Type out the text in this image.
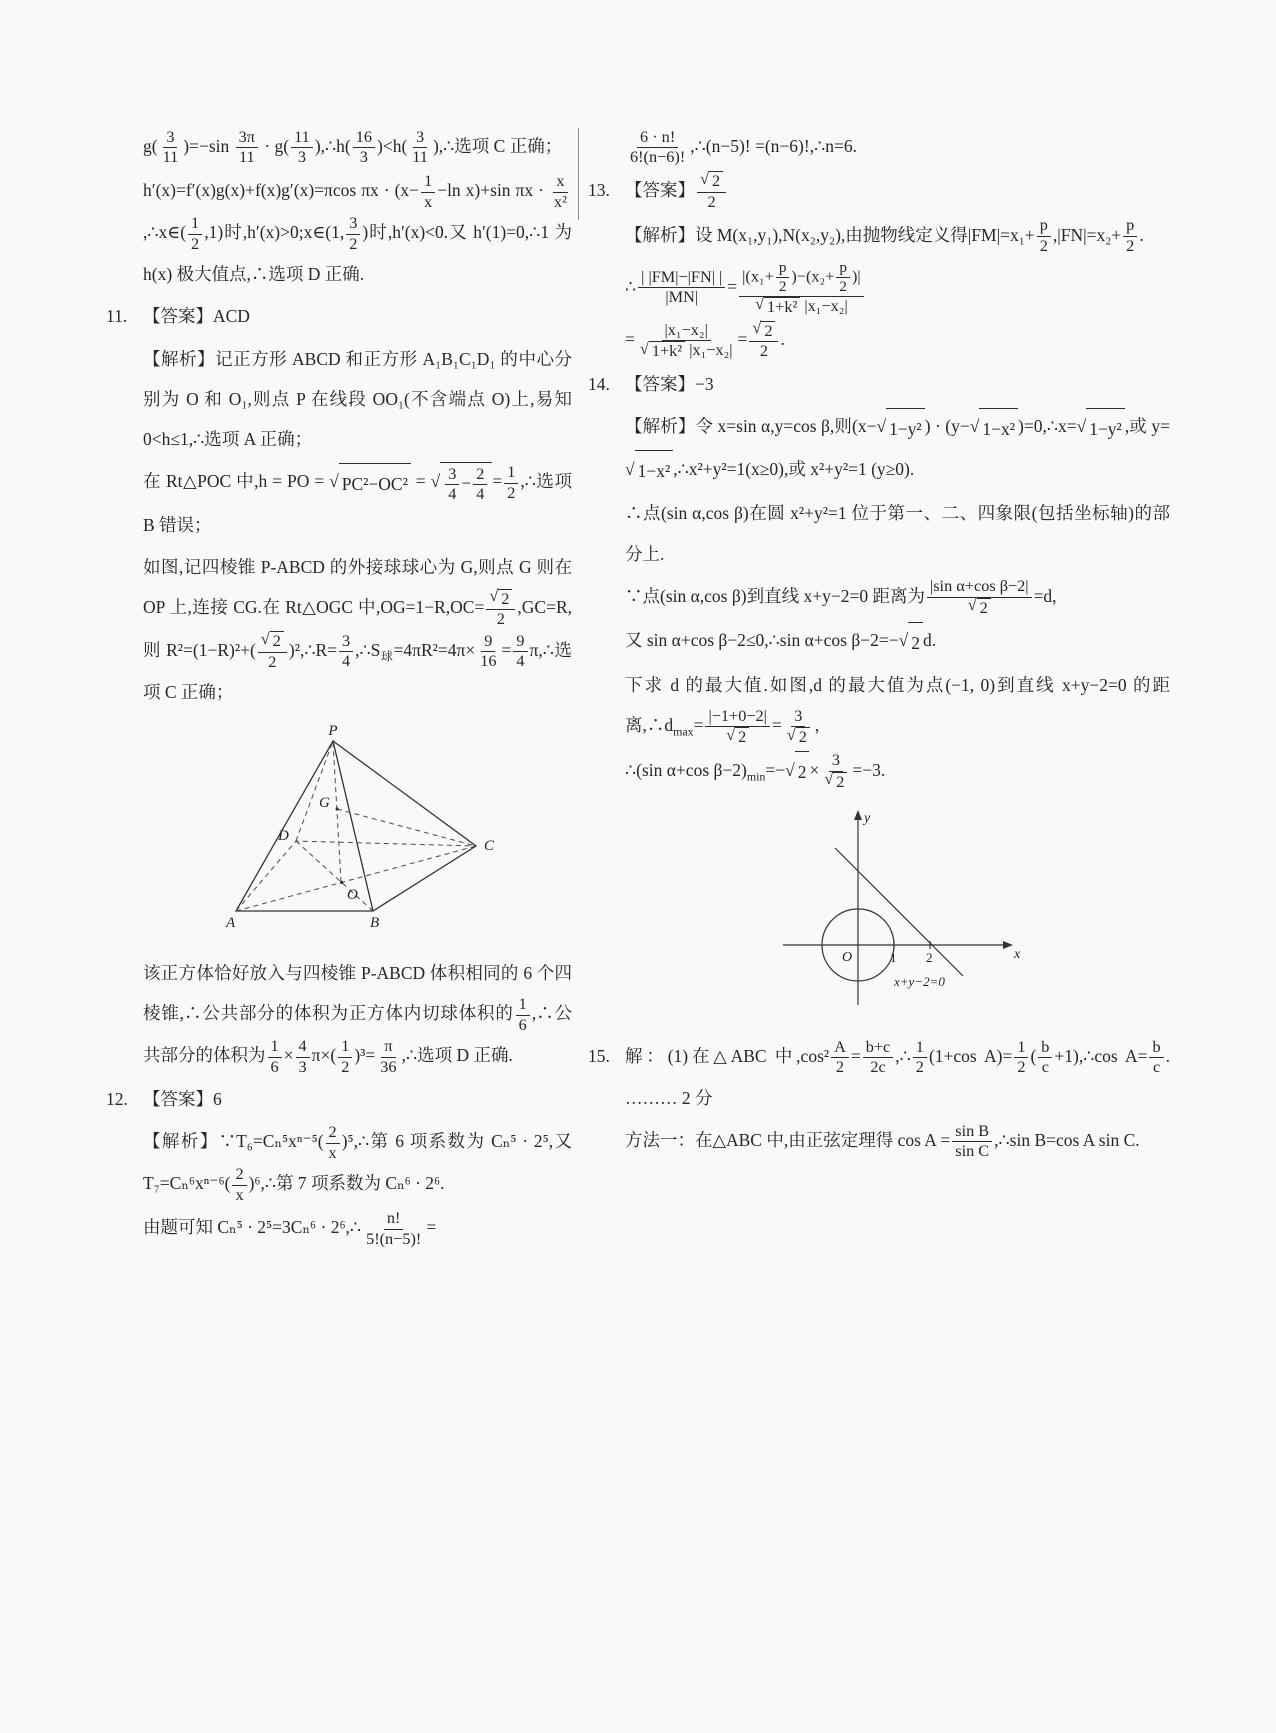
$g( \frac{3}{11} )=-\sin \frac{3\pi}{11} \cdot g( \frac{11}{3}$ ),∴h( $\frac{16}{3} )<h( \frac{3}{11}$ ),∴选项 C 正确；

h′(x)=f′(x)g(x)+f(x)g′(x)=πcos $\pi x \cdot (x- \frac{1}{x} -\ln$ x)+sin $\pi x \cdot \frac{x}{\text{x²}}$
,∴x∈( $\frac{1}{2} ,1$)时,h′(x)>0;x∈(1, $\frac{3}{2}$ )时,h′(x)<0.又 h′(1)=0,∴1 为 h(x) 极大值点,∴选项 D 正确.

11. 【答案】ACD

【解析】记正方形 ABCD 和正方形 A₁B₁C₁D₁ 的中心分别为 O 和 O₁,则点 P 在线段 OO₁(不含端点 O)上,易知 0<h≤1,∴选项 A 正确；

在 Rt△POC 中,h = PO = √ PC²−OC² = √ $\frac{3}{4} - \frac{2}{4} = \frac{1}{2}$ ,∴选项 B 错误；

如图,记四棱锥 P-ABCD 的外接球球心为 G,则点 G 则在 OP 上,连接 CG.在 Rt△OGC 中$,OG=1-R,OC= \frac{√ 2}{2} ,GC=R$,则 $R^2=(1-R)^2+( \frac{√ 2}{2}$ )²,∴R= $\frac{3}{4}$ $,\therefore S_球=4\pi R^2=4\pi\times \frac{9}{16} = \frac{9}{4}$ π,∴选项 C 正确；

P
A	B
C
D
O
G

该正方体恰好放入与四棱锥 P-ABCD 体积相同的 6 个四棱锥,∴公共部分的体积为正方体内切球体积的 $\frac{1}{6}$ ,∴公共部分的体积为 $\frac{1}{6} \times \frac{4}{3} \pi\times( \frac{1}{2} )^3= \frac{\pi}{36}$ ,∴选项 D 正确.

12. 【答案】6

【解析】∵T₆=Cₙ⁵xⁿ⁻⁵( $\frac{2}{x}$ )⁵,∴第 6 项系数为 Cₙ⁵ · 2⁵,又 $T_7=C_n^6x^{n-6}( \frac{2}{x}$ )⁶,∴第 7 项系数为 Cₙ⁶ · 2⁶.

由题可知 Cₙ⁵ · 2⁵=3Cₙ⁶ · 2⁶,∴ $\frac{n!}{5!(n-5)!}$ =

$\frac{6 \cdot n!}{6!(n-6)!}$ ,∴(n−5)! =(n−6)!,∴n=6.

13. 【答案】 $\frac{√ 2}{2}$

【解析】设 M(x₁,y₁),N(x₂,y₂),由抛物线定义得$|FM|=x_1+ \frac{p}{2} ,|FN|=x_2+ \frac{p}{2}$ .

∴ $\frac{| |FM|-|FN| |}{|MN|} = \frac{|(x_1+ \frac{p}{2} )-(x_2+ \frac{p}{2} )|}{\text{√ 1+k² |x₁−x₂|}}$

= $\frac{\text{|x₁−x₂|}}{\text{√ 1+k² |x₁−x₂|}} = \frac{√ 2}{2}$ .

14. 【答案】−3

【解析】令 x=sin α,y=cos β,则(x−√ 1−y² ) · (y−√ 1−x² )=0,∴x=√ 1−y² ,或 y=√ 1−x² ,∴x²+y²=1(x≥0),或 x²+y²=1 (y≥0).

∴点(sin α,cos β)在圆 x²+y²=1 位于第一、二、四象限(包括坐标轴)的部分上.

∵点(sin α,cos β)到直线 x+y−2=0 距离为 $\frac{\text{|sin α+cos β−2|}}{√ 2} =d$,

又 sin α+cos β−2≤0,∴sin α+cos β−2=−√ 2 d.

下求 d 的最大值.如图,d 的最大值为点(−1, 0)到直线 x+y−2=0 的距离$,\therefore d_{max}= \frac{|-1+0-2|}{√ 2} = \frac{3}{√ 2}$ ,

∴(sin α+cos $\beta-2)_{min}=-√$ $2 \times \frac{3}{√ 2} =-3$.

y
x
O	1 2
x+y−2=0
15. 解：(1)在△ABC 中$,\cos^2 \frac{A}{2} = \frac{b+c}{2c}$ ,∴ $\frac{1}{2} (1+\cos$ $A)= \frac{1}{2}$ ( $\frac{b}{c}$ +1),∴cos $A= \frac{b}{c}$ . ……… 2 分

方法一：在△ABC 中,由正弦定理得 $\cos A = \frac{\text{sin B}}{\text{sin C}}$ ,∴sin B=cos A sin C.
